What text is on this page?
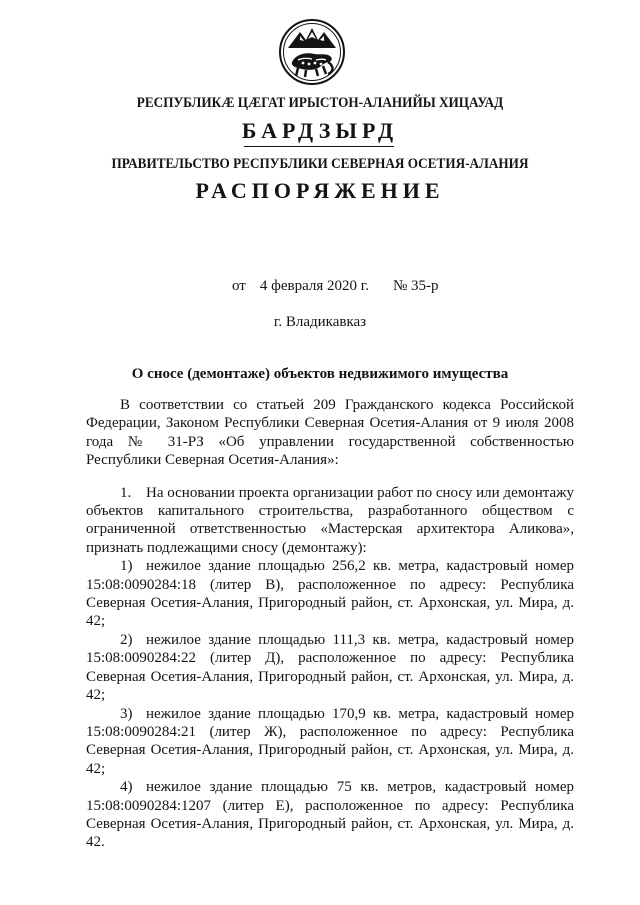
РЕСПУБЛИКӔ ЦӔГАТ ИРЫСТОН-АЛАНИЙЫ ХИЦАУАД
БАРДЗЫРД
ПРАВИТЕЛЬСТВО РЕСПУБЛИКИ СЕВЕРНАЯ ОСЕТИЯ-АЛАНИЯ
РАСПОРЯЖЕНИЕ
от 4 февраля 2020 г. № 35-р
г. Владикавказ
О сносе (демонтаже) объектов недвижимого имущества

В соответствии со статьей 209 Гражданского кодекса Российской Федерации, Законом Республики Северная Осетия-Алания от 9 июля 2008 года № 31-РЗ «Об управлении государственной собственностью Республики Северная Осетия-Алания»:

1. На основании проекта организации работ по сносу или демонтажу объектов капитального строительства, разработанного обществом с ограниченной ответственностью «Мастерская архитектора Аликова», признать подлежащими сносу (демонтажу):

1) нежилое здание площадью 256,2 кв. метра, кадастровый номер 15:08:0090284:18 (литер В), расположенное по адресу: Республика Северная Осетия-Алания, Пригородный район, ст. Архонская, ул. Мира, д. 42;

2) нежилое здание площадью 111,3 кв. метра, кадастровый номер 15:08:0090284:22 (литер Д), расположенное по адресу: Республика Северная Осетия-Алания, Пригородный район, ст. Архонская, ул. Мира, д. 42;

3) нежилое здание площадью 170,9 кв. метра, кадастровый номер 15:08:0090284:21 (литер Ж), расположенное по адресу: Республика Северная Осетия-Алания, Пригородный район, ст. Архонская, ул. Мира, д. 42;

4) нежилое здание площадью 75 кв. метров, кадастровый номер 15:08:0090284:1207 (литер Е), расположенное по адресу: Республика Северная Осетия-Алания, Пригородный район, ст. Архонская, ул. Мира, д. 42.
